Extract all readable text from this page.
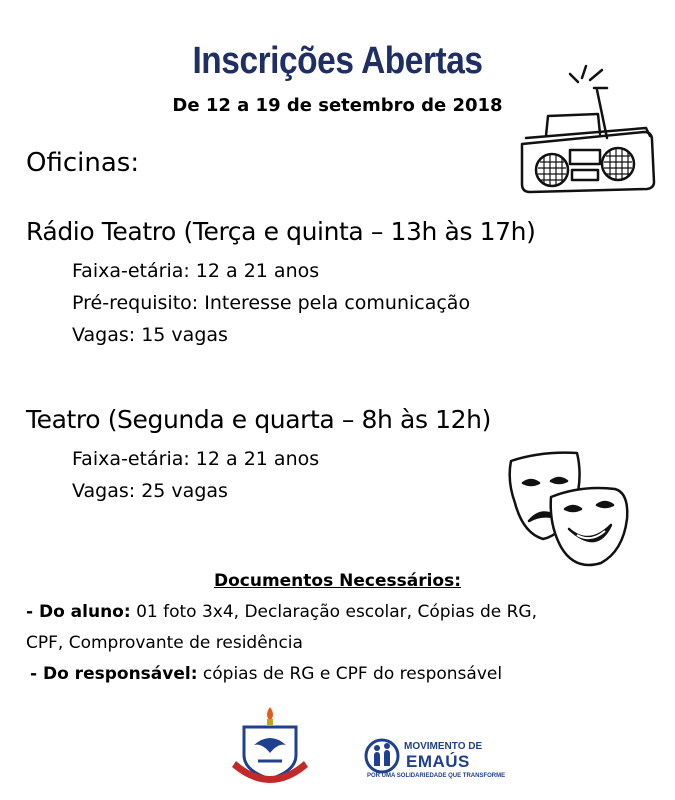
Inscrições Abertas

De 12 a 19 de setembro de 2018

Oficinas:

Rádio Teatro (Terça e quinta – 13h às 17h)

Faixa-etária: 12 a 21 anos

Pré-requisito: Interesse pela comunicação

Vagas: 15 vagas

Teatro (Segunda e quarta – 8h às 12h)

Faixa-etária: 12 a 21 anos

Vagas: 25 vagas

Documentos Necessários:

- Do aluno: 01 foto 3x4, Declaração escolar, Cópias de RG,

CPF, Comprovante de residência

- Do responsável: cópias de RG e CPF do responsável

MOVIMENTO DE

EMAÚS

POR UMA SOLIDARIEDADE QUE TRANSFORME
